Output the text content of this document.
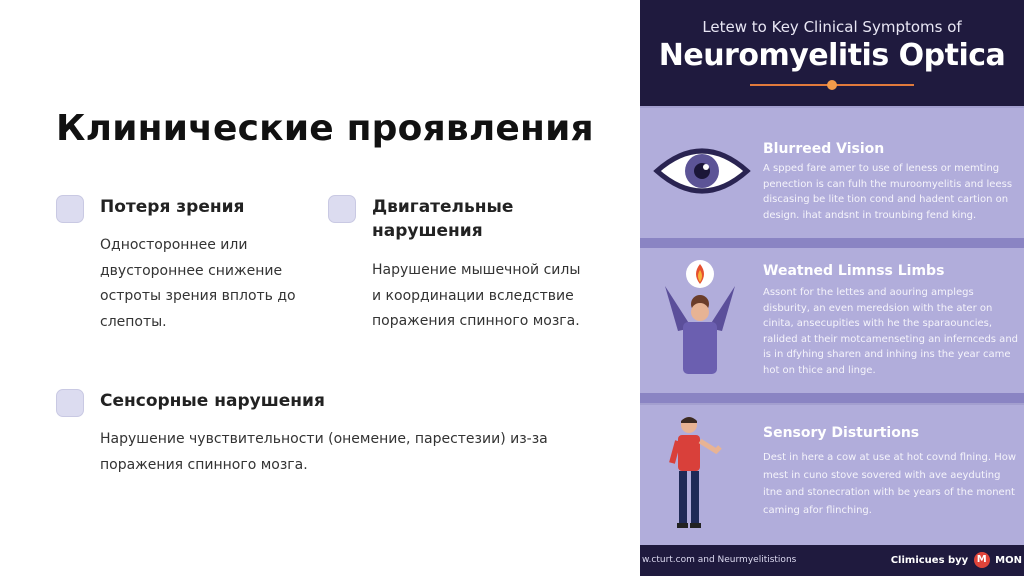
Клинические проявления
Потеря зрения
Одностороннее или двустороннее снижение остроты зрения вплоть до слепоты.
Двигательные нарушения
Нарушение мышечной силы и координации вследствие поражения спинного мозга.
Сенсорные нарушения
Нарушение чувствительности (онемение, парестезии) из-за поражения спинного мозга.
Letew to Key Clinical Symptoms of
Neuromyelitis Optica
Blurreed Vision
A spped fare amer to use of leness or memting penection is can fulh the muroomyelitis and leess discasing be lite tion cond and hadent cartion on design. ihat andsnt in trounbing fend king.
Weatned Limnss Limbs
Assont for the lettes and aouring amplegs disburity, an even meredsion with the ater on cinita, ansecupities with he the sparaouncies, ralided at their motcamenseting an infernceds and is in dfyhing sharen and inhing ins the year came hot on thice and linge.
Sensory Disturtions
Dest in here a cow at use at hot covnd flning. How mest in cuno stove sovered with ave aeyduting itne and stonecration with be years of the monent caming afor flinching.
w.cturt.com and Neurmyelitistions	Climicues byy M MON
